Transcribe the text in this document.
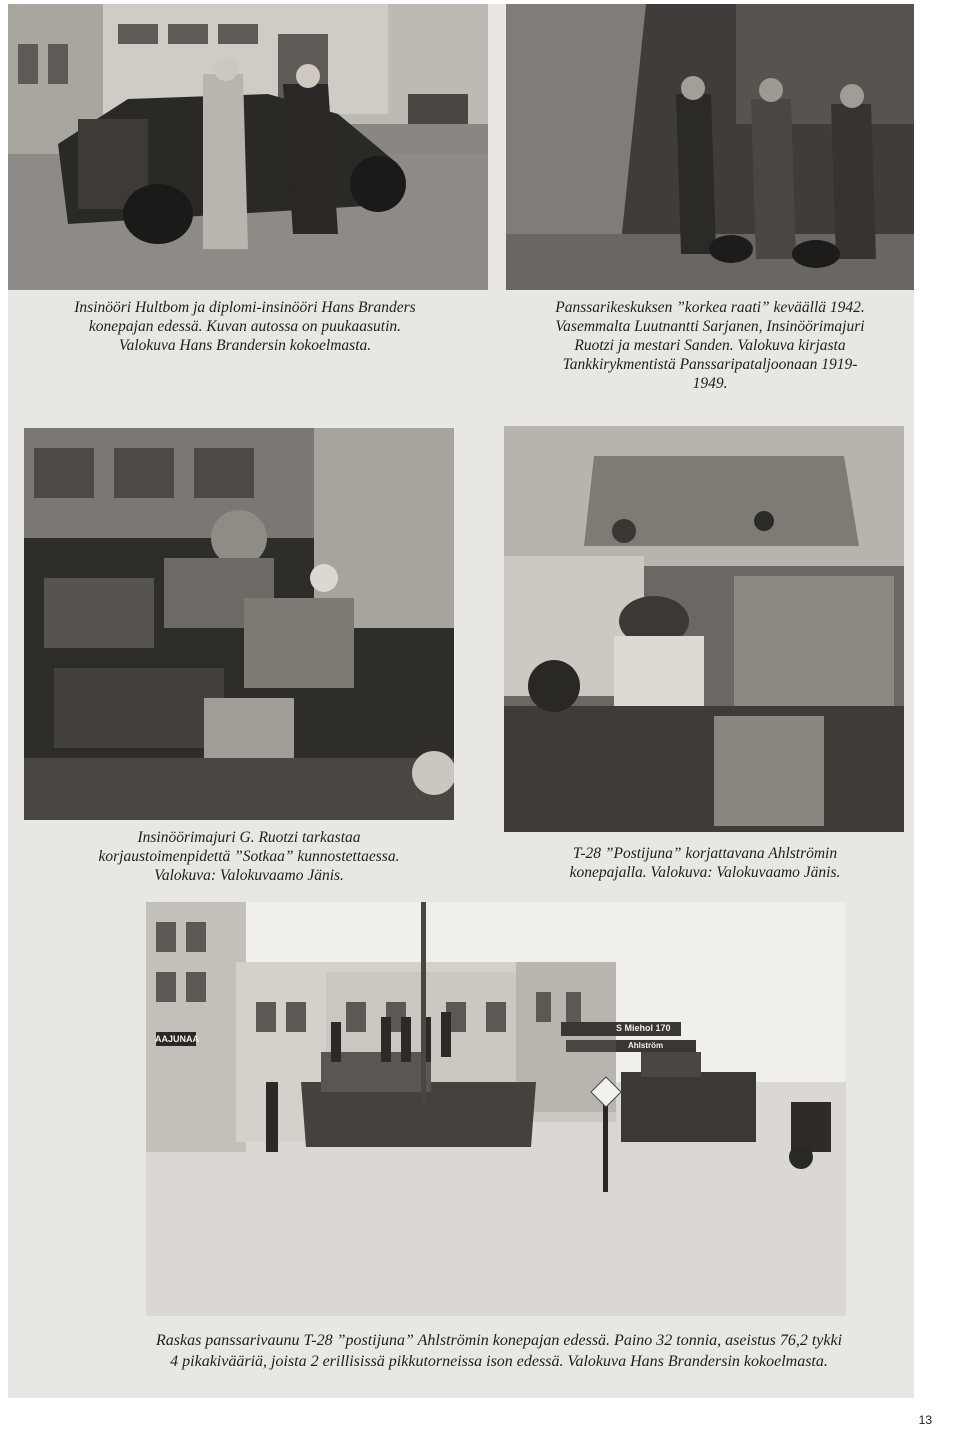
Insinööri Hultbom ja diplomi-insinööri Hans Branders
konepajan edessä. Kuvan autossa on puukaasutin.
Valokuva Hans Brandersin kokoelmasta.
Panssarikeskuksen ”korkea raati” keväällä 1942.
Vasemmalta Luutnantti Sarjanen, Insinöörimajuri
Ruotzi ja mestari Sanden. Valokuva kirjasta
Tankkirykmentistä Panssaripataljoonaan 1919-
1949.
Insinöörimajuri G. Ruotzi tarkastaa
korjaustoimenpidettä ”Sotkaa” kunnostettaessa.
Valokuva: Valokuvaamo Jänis.
T-28 ”Postijuna” korjattavana Ahlströmin
konepajalla. Valokuva: Valokuvaamo Jänis.
AAJUNAA
S Miehol 170
Ahlström
Raskas panssarivaunu T-28 ”postijuna” Ahlströmin konepajan edessä. Paino 32 tonnia, aseistus 76,2 tykki
4 pikakivääriä, joista 2 erillisissä pikkutorneissa ison edessä. Valokuva Hans Brandersin kokoelmasta.
13
